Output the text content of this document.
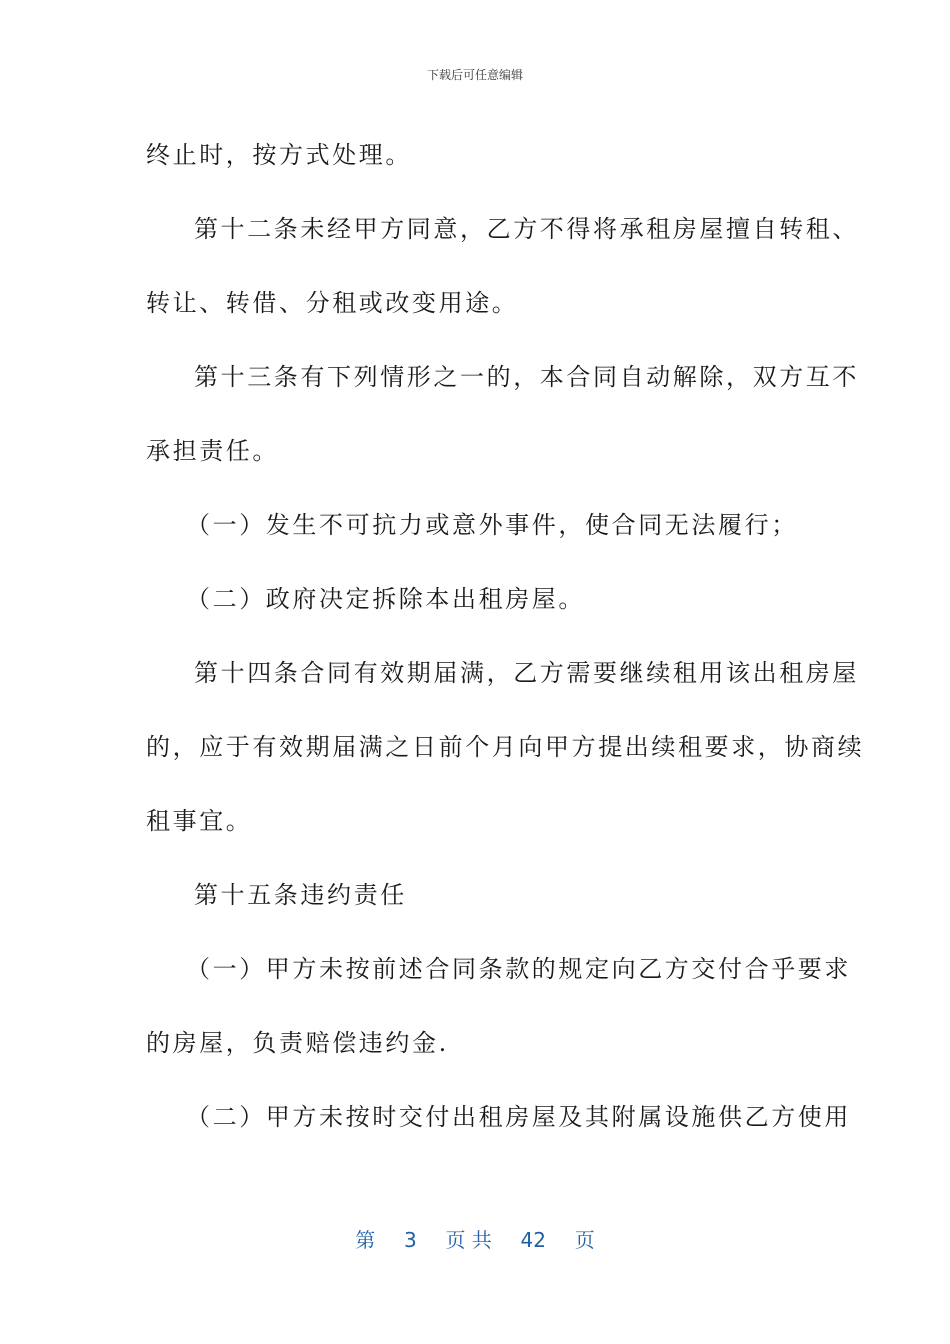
下载后可任意编辑
终止时，按方式处理。
第十二条未经甲方同意，乙方不得将承租房屋擅自转租、
转让、转借、分租或改变用途。
第十三条有下列情形之一的，本合同自动解除，双方互不
承担责任。
（一）发生不可抗力或意外事件，使合同无法履行；
（二）政府决定拆除本出租房屋。
第十四条合同有效期届满，乙方需要继续租用该出租房屋
的，应于有效期届满之日前个月向甲方提出续租要求，协商续
租事宜。
第十五条违约责任
（一）甲方未按前述合同条款的规定向乙方交付合乎要求
的房屋，负责赔偿违约金.
（二）甲方未按时交付出租房屋及其附属设施供乙方使用
第 3 页 共 42 页
